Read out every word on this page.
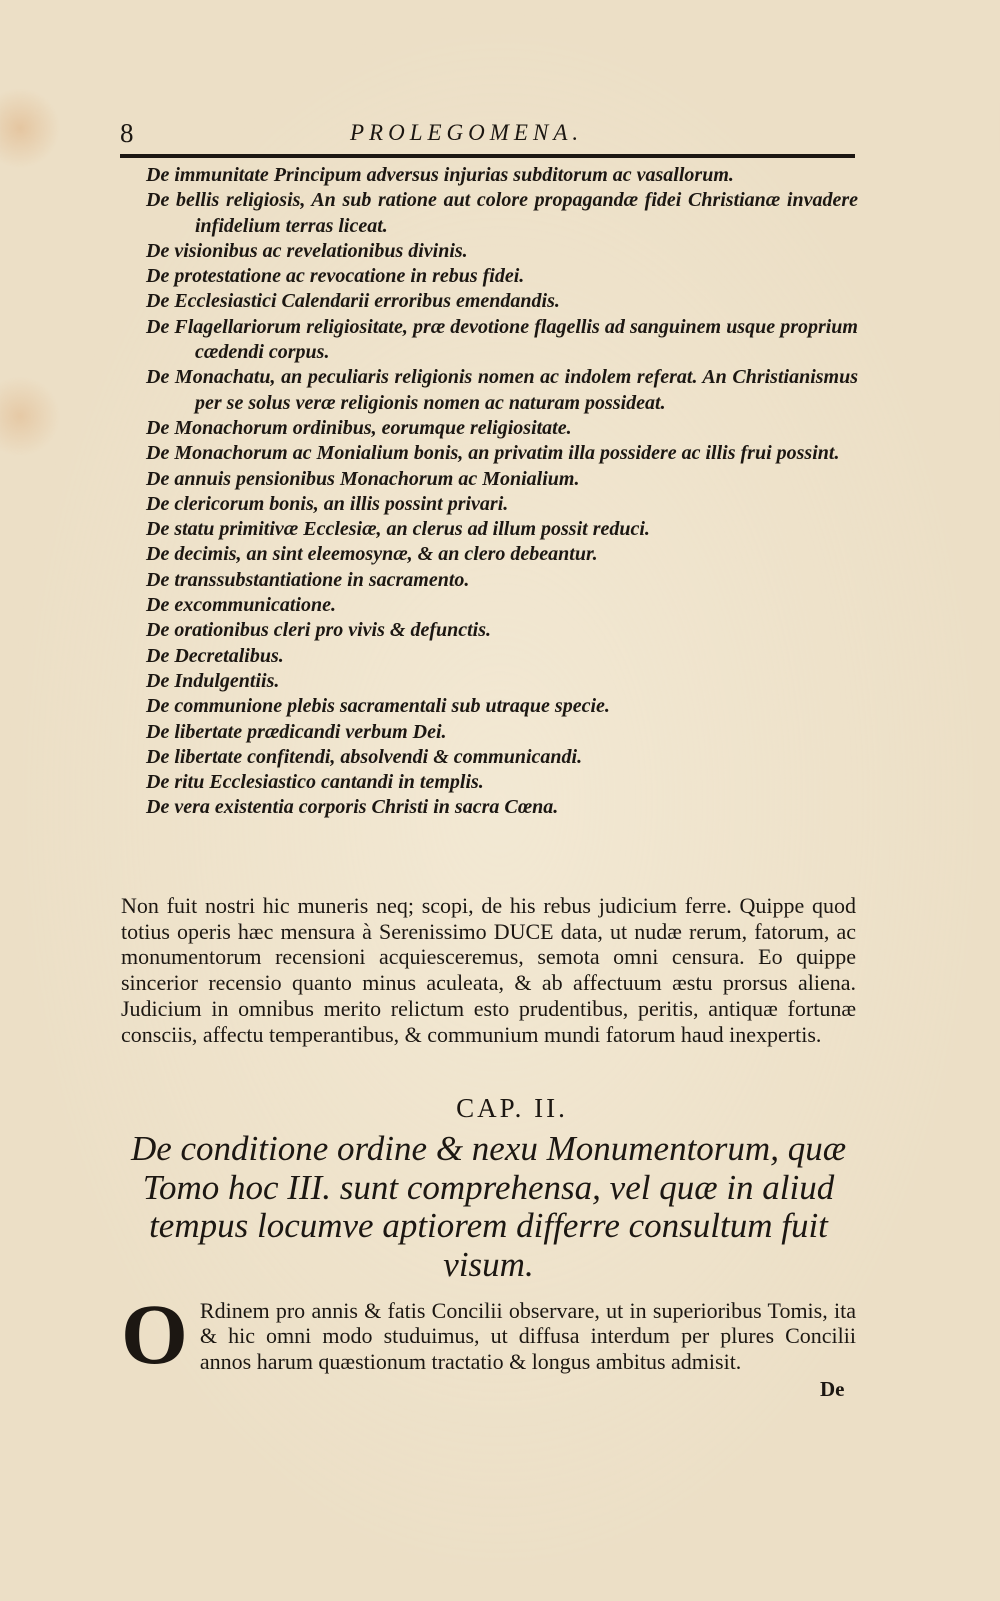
8	PROLEGOMENA.
De immunitate Principum adversus injurias subditorum ac vasallorum.
De bellis religiosis, An sub ratione aut colore propagandæ fidei Christianæ invadere infidelium terras liceat.
De visionibus ac revelationibus divinis.
De protestatione ac revocatione in rebus fidei.
De Ecclesiastici Calendarii erroribus emendandis.
De Flagellariorum religiositate, præ devotione flagellis ad sanguinem usque proprium cædendi corpus.
De Monachatu, an peculiaris religionis nomen ac indolem referat. An Christianismus per se solus veræ religionis nomen ac naturam possideat.
De Monachorum ordinibus, eorumque religiositate.
De Monachorum ac Monialium bonis, an privatim illa possidere ac illis frui possint.
De annuis pensionibus Monachorum ac Monialium.
De clericorum bonis, an illis possint privari.
De statu primitivæ Ecclesiæ, an clerus ad illum possit reduci.
De decimis, an sint eleemosynæ, & an clero debeantur.
De transsubstantiatione in sacramento.
De excommunicatione.
De orationibus cleri pro vivis & defunctis.
De Decretalibus.
De Indulgentiis.
De communione plebis sacramentali sub utraque specie.
De libertate prædicandi verbum Dei.
De libertate confitendi, absolvendi & communicandi.
De ritu Ecclesiastico cantandi in templis.
De vera existentia corporis Christi in sacra Cœna.

Non fuit nostri hic muneris neq; scopi, de his rebus judicium ferre. Quippe quod totius operis hæc mensura à Serenissimo DUCE data, ut nudæ rerum, fatorum, ac monumentorum recensioni acquiesceremus, semota omni censura. Eo quippe sincerior recensio quanto minus aculeata, & ab affectuum æstu prorsus aliena. Judicium in omnibus merito relictum esto prudentibus, peritis, antiquæ fortunæ consciis, affectu temperantibus, & communium mundi fatorum haud inexpertis.

CAP. II.

De conditione ordine & nexu Monumentorum, quæ Tomo hoc III. sunt comprehensa, vel quæ in aliud tempus locumve aptiorem differre consultum fuit visum.

O Rdinem pro annis & fatis Concilii observare, ut in superioribus Tomis, ita & hic omni modo studuimus, ut diffusa interdum per plures Concilii annos harum quæstionum tractatio & longus ambitus admisit.

De
